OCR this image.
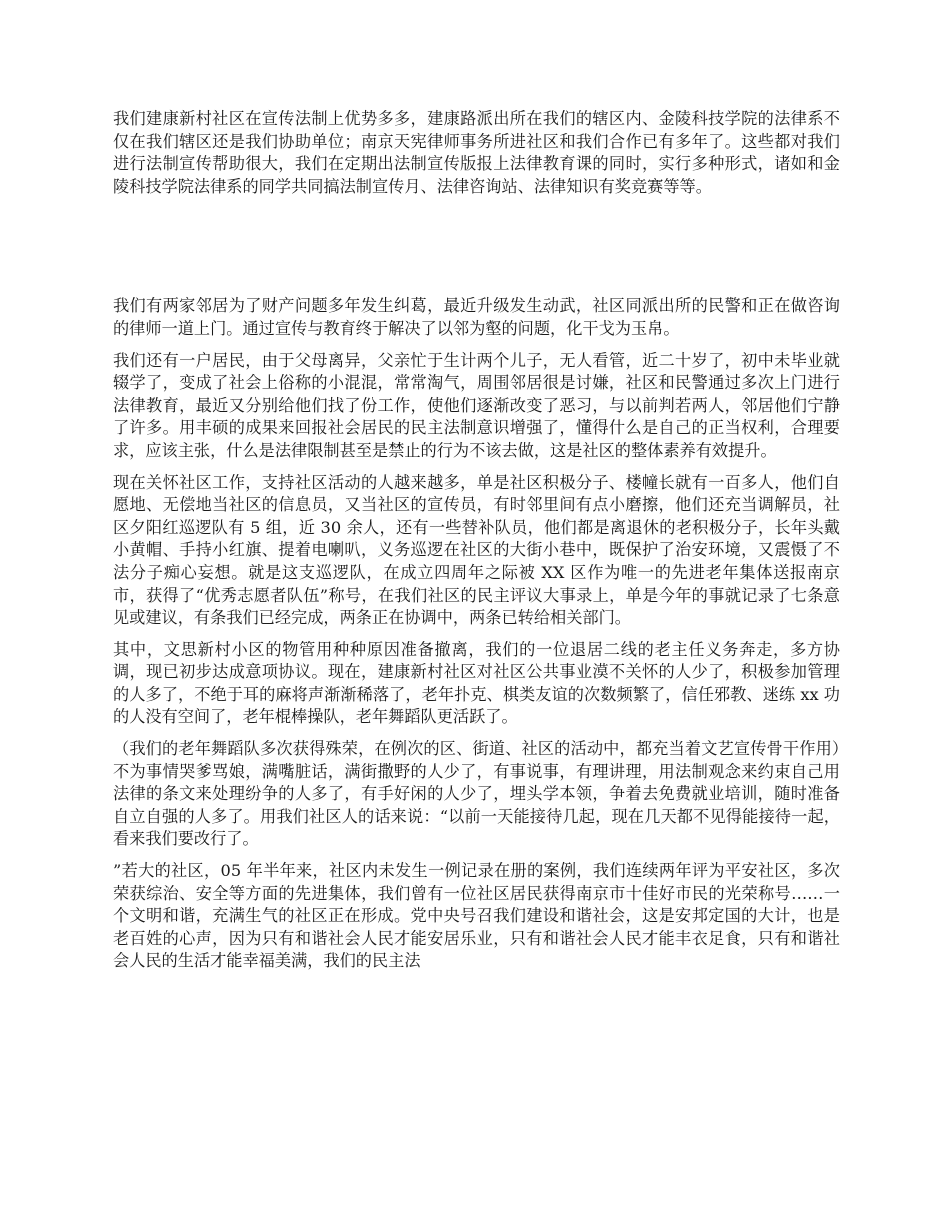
我们建康新村社区在宣传法制上优势多多，建康路派出所在我们的辖区内、金陵科技学院的法律系不仅在我们辖区还是我们协助单位；南京天宪律师事务所进社区和我们合作已有多年了。这些都对我们进行法制宣传帮助很大，我们在定期出法制宣传版报上法律教育课的同时，实行多种形式，诸如和金陵科技学院法律系的同学共同搞法制宣传月、法律咨询站、法律知识有奖竞赛等等。

我们有两家邻居为了财产问题多年发生纠葛，最近升级发生动武，社区同派出所的民警和正在做咨询的律师一道上门。通过宣传与教育终于解决了以邻为壑的问题，化干戈为玉帛。

我们还有一户居民，由于父母离异，父亲忙于生计两个儿子，无人看管，近二十岁了，初中未毕业就辍学了，变成了社会上俗称的小混混，常常淘气，周围邻居很是讨嫌，社区和民警通过多次上门进行法律教育，最近又分别给他们找了份工作，使他们逐渐改变了恶习，与以前判若两人，邻居他们宁静了许多。用丰硕的成果来回报社会居民的民主法制意识增强了，懂得什么是自己的正当权利，合理要求，应该主张，什么是法律限制甚至是禁止的行为不该去做，这是社区的整体素养有效提升。

现在关怀社区工作，支持社区活动的人越来越多，单是社区积极分子、楼幢长就有一百多人，他们自愿地、无偿地当社区的信息员，又当社区的宣传员，有时邻里间有点小磨擦，他们还充当调解员，社区夕阳红巡逻队有 5 组，近 30 余人，还有一些替补队员，他们都是离退休的老积极分子，长年头戴小黄帽、手持小红旗、提着电喇叭，义务巡逻在社区的大街小巷中，既保护了治安环境，又震慑了不法分子痴心妄想。就是这支巡逻队，在成立四周年之际被 XX 区作为唯一的先进老年集体送报南京市，获得了“优秀志愿者队伍”称号，在我们社区的民主评议大事录上，单是今年的事就记录了七条意见或建议，有条我们已经完成，两条正在协调中，两条已转给相关部门。

其中，文思新村小区的物管用种种原因准备撤离，我们的一位退居二线的老主任义务奔走，多方协调，现已初步达成意项协议。现在，建康新村社区对社区公共事业漠不关怀的人少了，积极参加管理的人多了，不绝于耳的麻将声渐渐稀落了，老年扑克、棋类友谊的次数频繁了，信任邪教、迷练 xx 功的人没有空间了，老年棍棒操队，老年舞蹈队更活跃了。

（我们的老年舞蹈队多次获得殊荣，在例次的区、街道、社区的活动中，都充当着文艺宣传骨干作用）不为事情哭爹骂娘，满嘴脏话，满街撒野的人少了，有事说事，有理讲理，用法制观念来约束自己用法律的条文来处理纷争的人多了，有手好闲的人少了，埋头学本领，争着去免费就业培训，随时准备自立自强的人多了。用我们社区人的话来说：“以前一天能接待几起，现在几天都不见得能接待一起，看来我们要改行了。

”若大的社区，05 年半年来，社区内未发生一例记录在册的案例，我们连续两年评为平安社区，多次荣获综治、安全等方面的先进集体，我们曾有一位社区居民获得南京市十佳好市民的光荣称号……一个文明和谐，充满生气的社区正在形成。党中央号召我们建设和谐社会，这是安邦定国的大计，也是老百姓的心声，因为只有和谐社会人民才能安居乐业，只有和谐社会人民才能丰衣足食，只有和谐社会人民的生活才能幸福美满，我们的民主法
